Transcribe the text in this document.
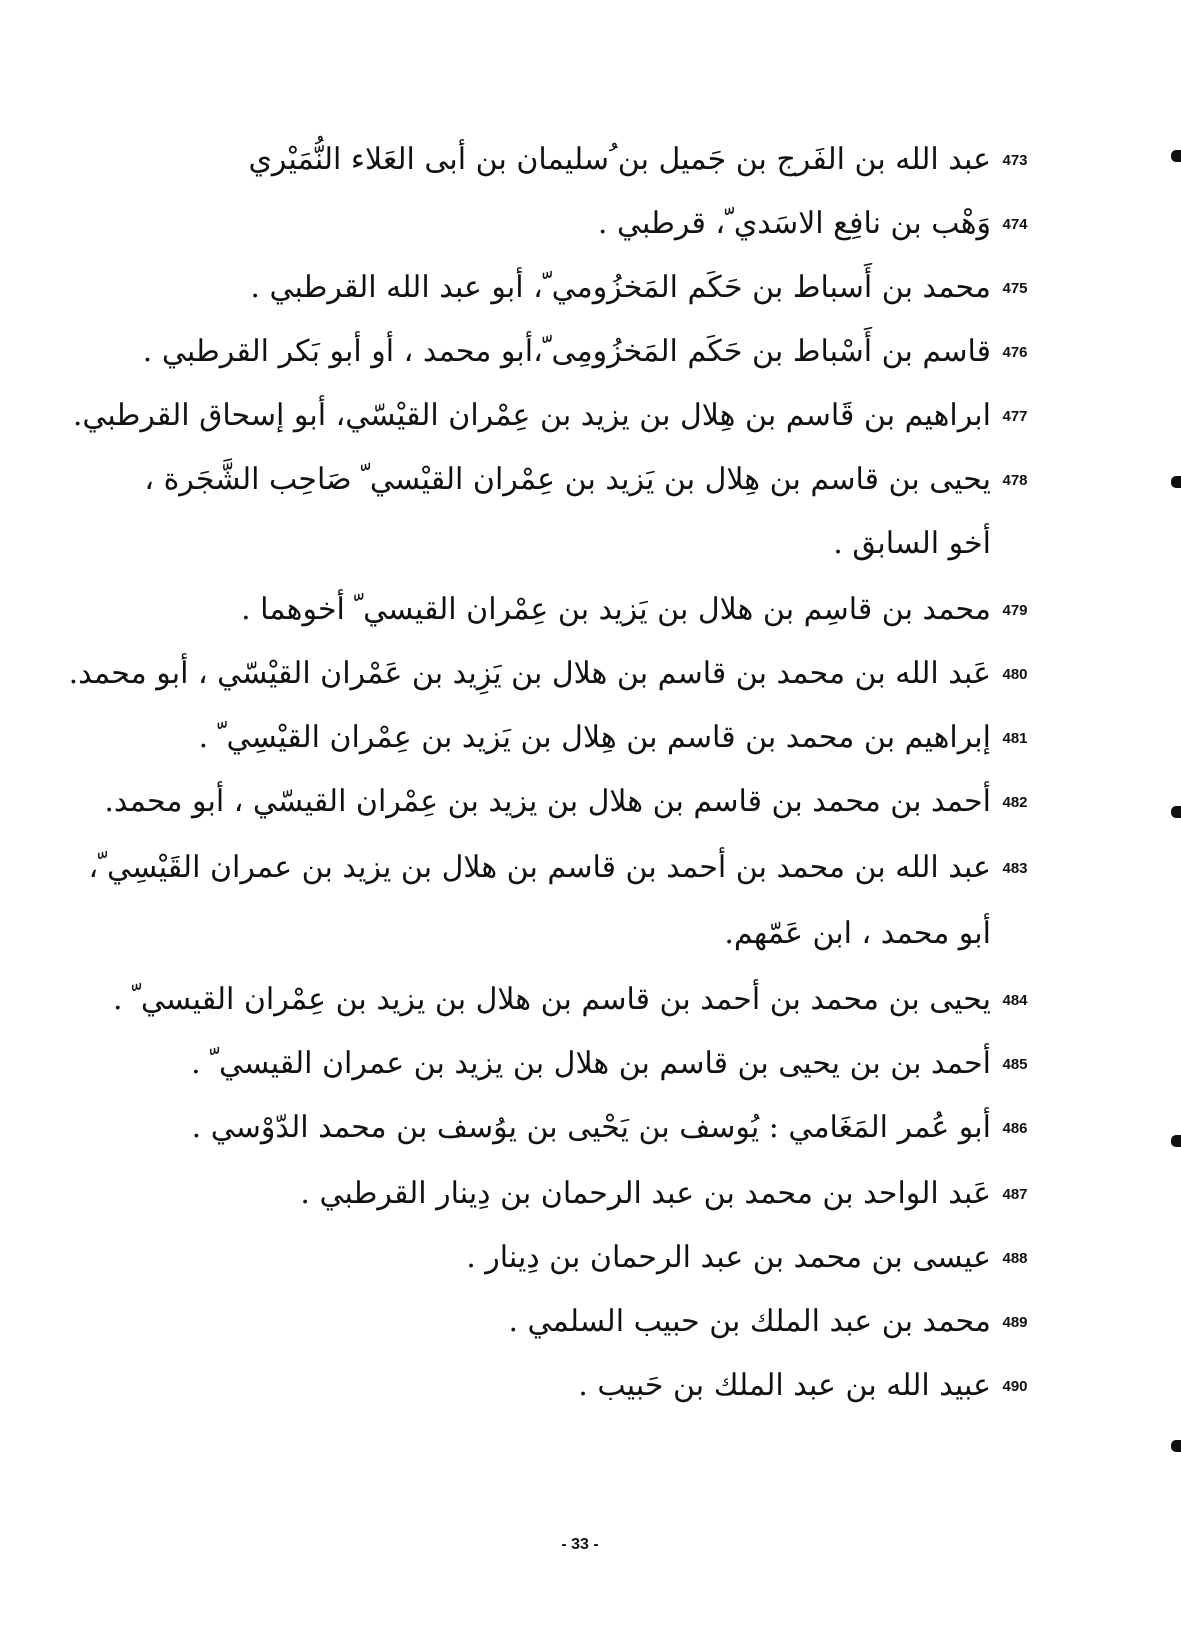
473
عبد الله بن الفَرج بن جَميل بن ُسليمان بن أبى العَلاء النُّمَيْري
474
وَهْب بن نافِع الاسَدي ّ، قرطبي .
475
محمد بن أَسباط بن حَكَم المَخزُومي ّ، أبو عبد الله القرطبي .
476
قاسم بن أَسْباط بن حَكَم المَخزُومِى ّ،أبو محمد ، أو أبو بَكر القرطبي .
477
ابراهيم بن قَاسم بن هِلال بن يزيد بن عِمْران القيْسّي، أبو إسحاق القرطبي.
478
يحيى بن قاسم بن هِلال بن يَزيد بن عِمْران القيْسي ّ صَاحِب الشَّجَرة ،
أخو السابق .
479
محمد بن قاسِم بن هلال بن يَزيد بن عِمْران القيسي ّ أخوهما .
480
عَبد الله بن محمد بن قاسم بن هلال بن يَزِيد بن عَمْران القيْسّي ، أبو محمد.
481
إبراهيم بن محمد بن قاسم بن هِلال بن يَزيد بن عِمْران القيْسِي ّ .
482
أحمد بن محمد بن قاسم بن هلال بن يزيد بن عِمْران القيسّي ، أبو محمد.
483
عبد الله بن محمد بن أحمد بن قاسم بن هلال بن يزيد بن عمران القَيْسِي ّ،
أبو محمد ، ابن عَمّهم.
484
يحيى بن محمد بن أحمد بن قاسم بن هلال بن يزيد بن عِمْران القيسي ّ .
485
أحمد بن بن يحيى بن قاسم بن هلال بن يزيد بن عمران القيسي ّ .
486
أبو عُمر المَغَامي : يُوسف بن يَحْيى بن يوُسف بن محمد الدّوْسي .
487
عَبد الواحد بن محمد بن عبد الرحمان بن دِينار القرطبي .
488
عيسى بن محمد بن عبد الرحمان بن دِينار .
489
محمد بن عبد الملك بن حبيب السلمي .
490
عبيد الله بن عبد الملك بن حَبيب .
- 33 -
